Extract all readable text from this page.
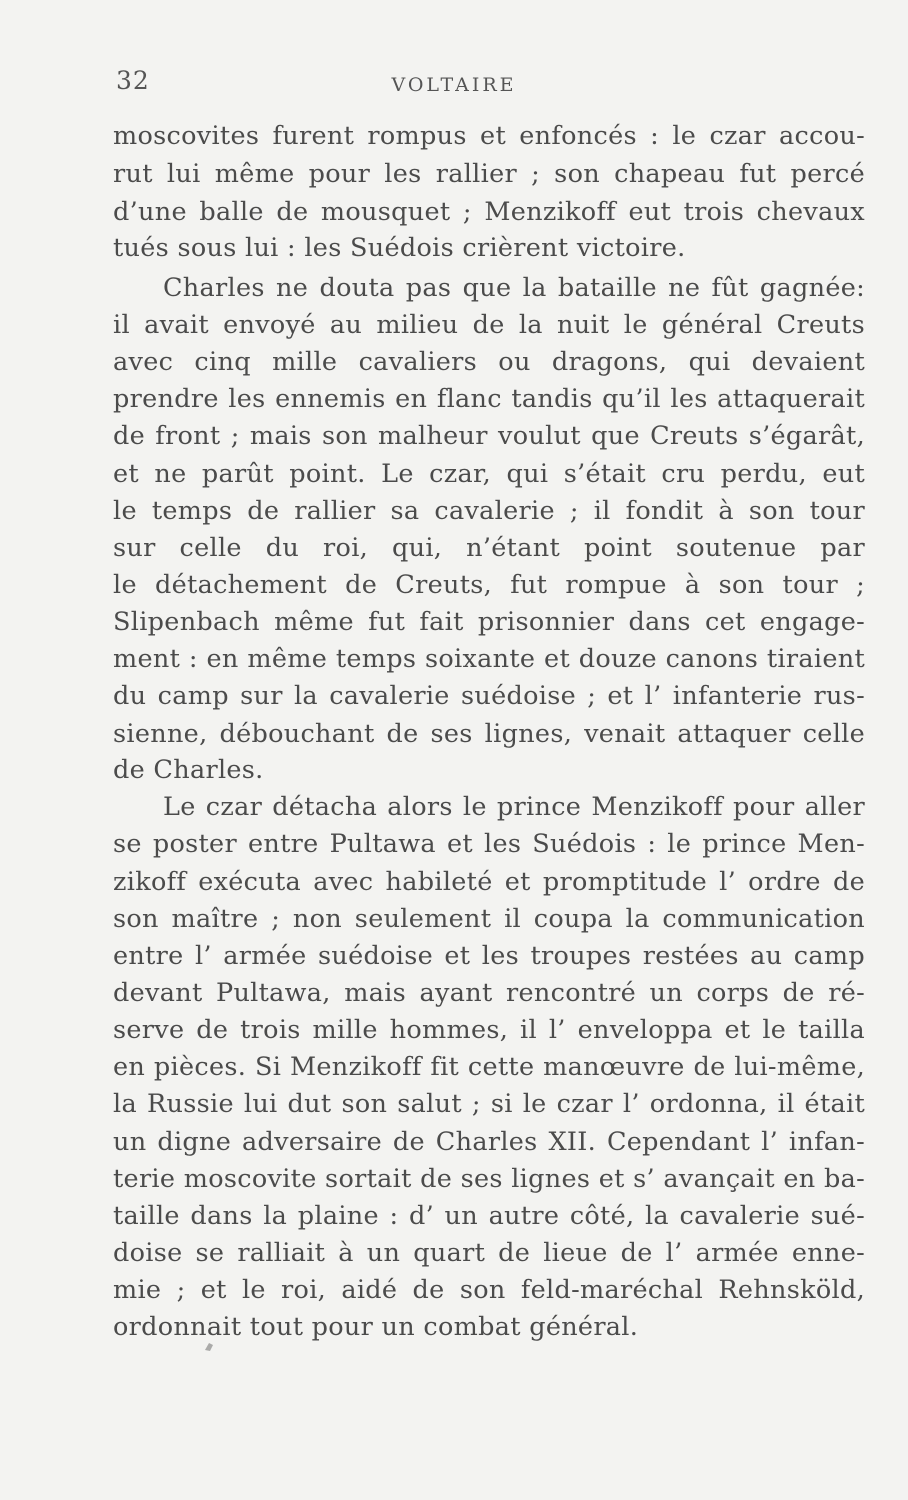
32	VOLTAIRE
moscovites furent rompus et enfoncés : le czar accou-
rut lui même pour les rallier ; son chapeau fut percé
d’une balle de mousquet ; Menzikoff eut trois chevaux
tués sous lui : les Suédois crièrent victoire.
Charles ne douta pas que la bataille ne fût gagnée:
il avait envoyé au milieu de la nuit le général Creuts
avec cinq mille cavaliers ou dragons, qui devaient
prendre les ennemis en flanc tandis qu’il les attaquerait
de front ; mais son malheur voulut que Creuts s’égarât,
et ne parût point. Le czar, qui s’était cru perdu, eut
le temps de rallier sa cavalerie ; il fondit à son tour
sur celle du roi, qui, n’étant point soutenue par
le détachement de Creuts, fut rompue à son tour ;
Slipenbach même fut fait prisonnier dans cet engage-
ment : en même temps soixante et douze canons tiraient
du camp sur la cavalerie suédoise ; et l’ infanterie rus-
sienne, débouchant de ses lignes, venait attaquer celle
de Charles.
Le czar détacha alors le prince Menzikoff pour aller
se poster entre Pultawa et les Suédois : le prince Men-
zikoff exécuta avec habileté et promptitude l’ ordre de
son maître ; non seulement il coupa la communication
entre l’ armée suédoise et les troupes restées au camp
devant Pultawa, mais ayant rencontré un corps de ré-
serve de trois mille hommes, il l’ enveloppa et le tailla
en pièces. Si Menzikoff fit cette manœuvre de lui-même,
la Russie lui dut son salut ; si le czar l’ ordonna, il était
un digne adversaire de Charles XII. Cependant l’ infan-
terie moscovite sortait de ses lignes et s’ avançait en ba-
taille dans la plaine : d’ un autre côté, la cavalerie sué-
doise se ralliait à un quart de lieue de l’ armée enne-
mie ; et le roi, aidé de son feld-maréchal Rehnsköld,
ordonnait tout pour un combat général.
